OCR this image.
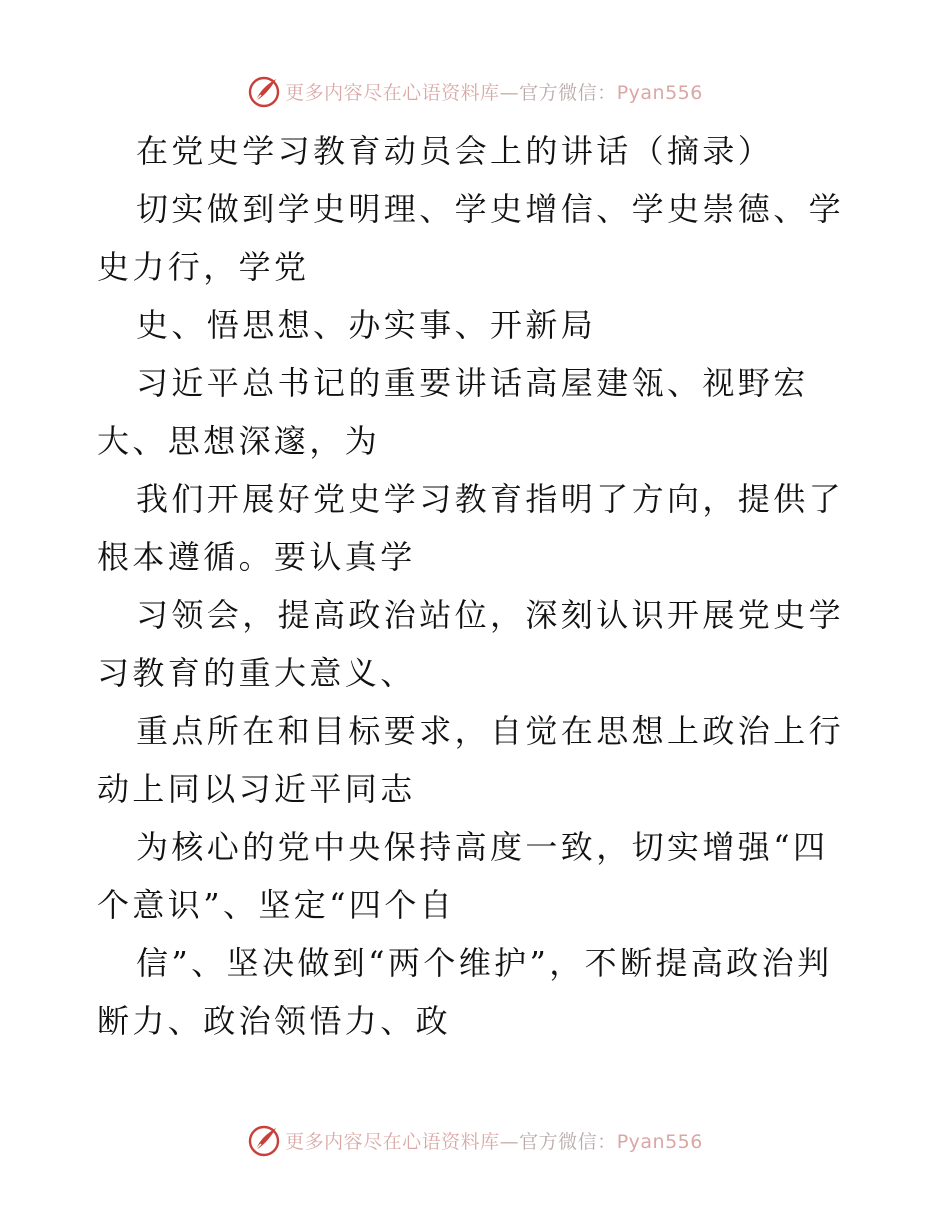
更多内容尽在心语资料库—官方微信：Pyan556

在党史学习教育动员会上的讲话（摘录）

切实做到学史明理、学史增信、学史崇德、学史力行，学党

史、悟思想、办实事、开新局

习近平总书记的重要讲话高屋建瓴、视野宏大、思想深邃，为

我们开展好党史学习教育指明了方向，提供了根本遵循。要认真学

习领会，提高政治站位，深刻认识开展党史学习教育的重大意义、

重点所在和目标要求，自觉在思想上政治上行动上同以习近平同志

为核心的党中央保持高度一致，切实增强“四个意识”、坚定“四个自

信”、坚决做到“两个维护”，不断提高政治判断力、政治领悟力、政

更多内容尽在心语资料库—官方微信：Pyan556
